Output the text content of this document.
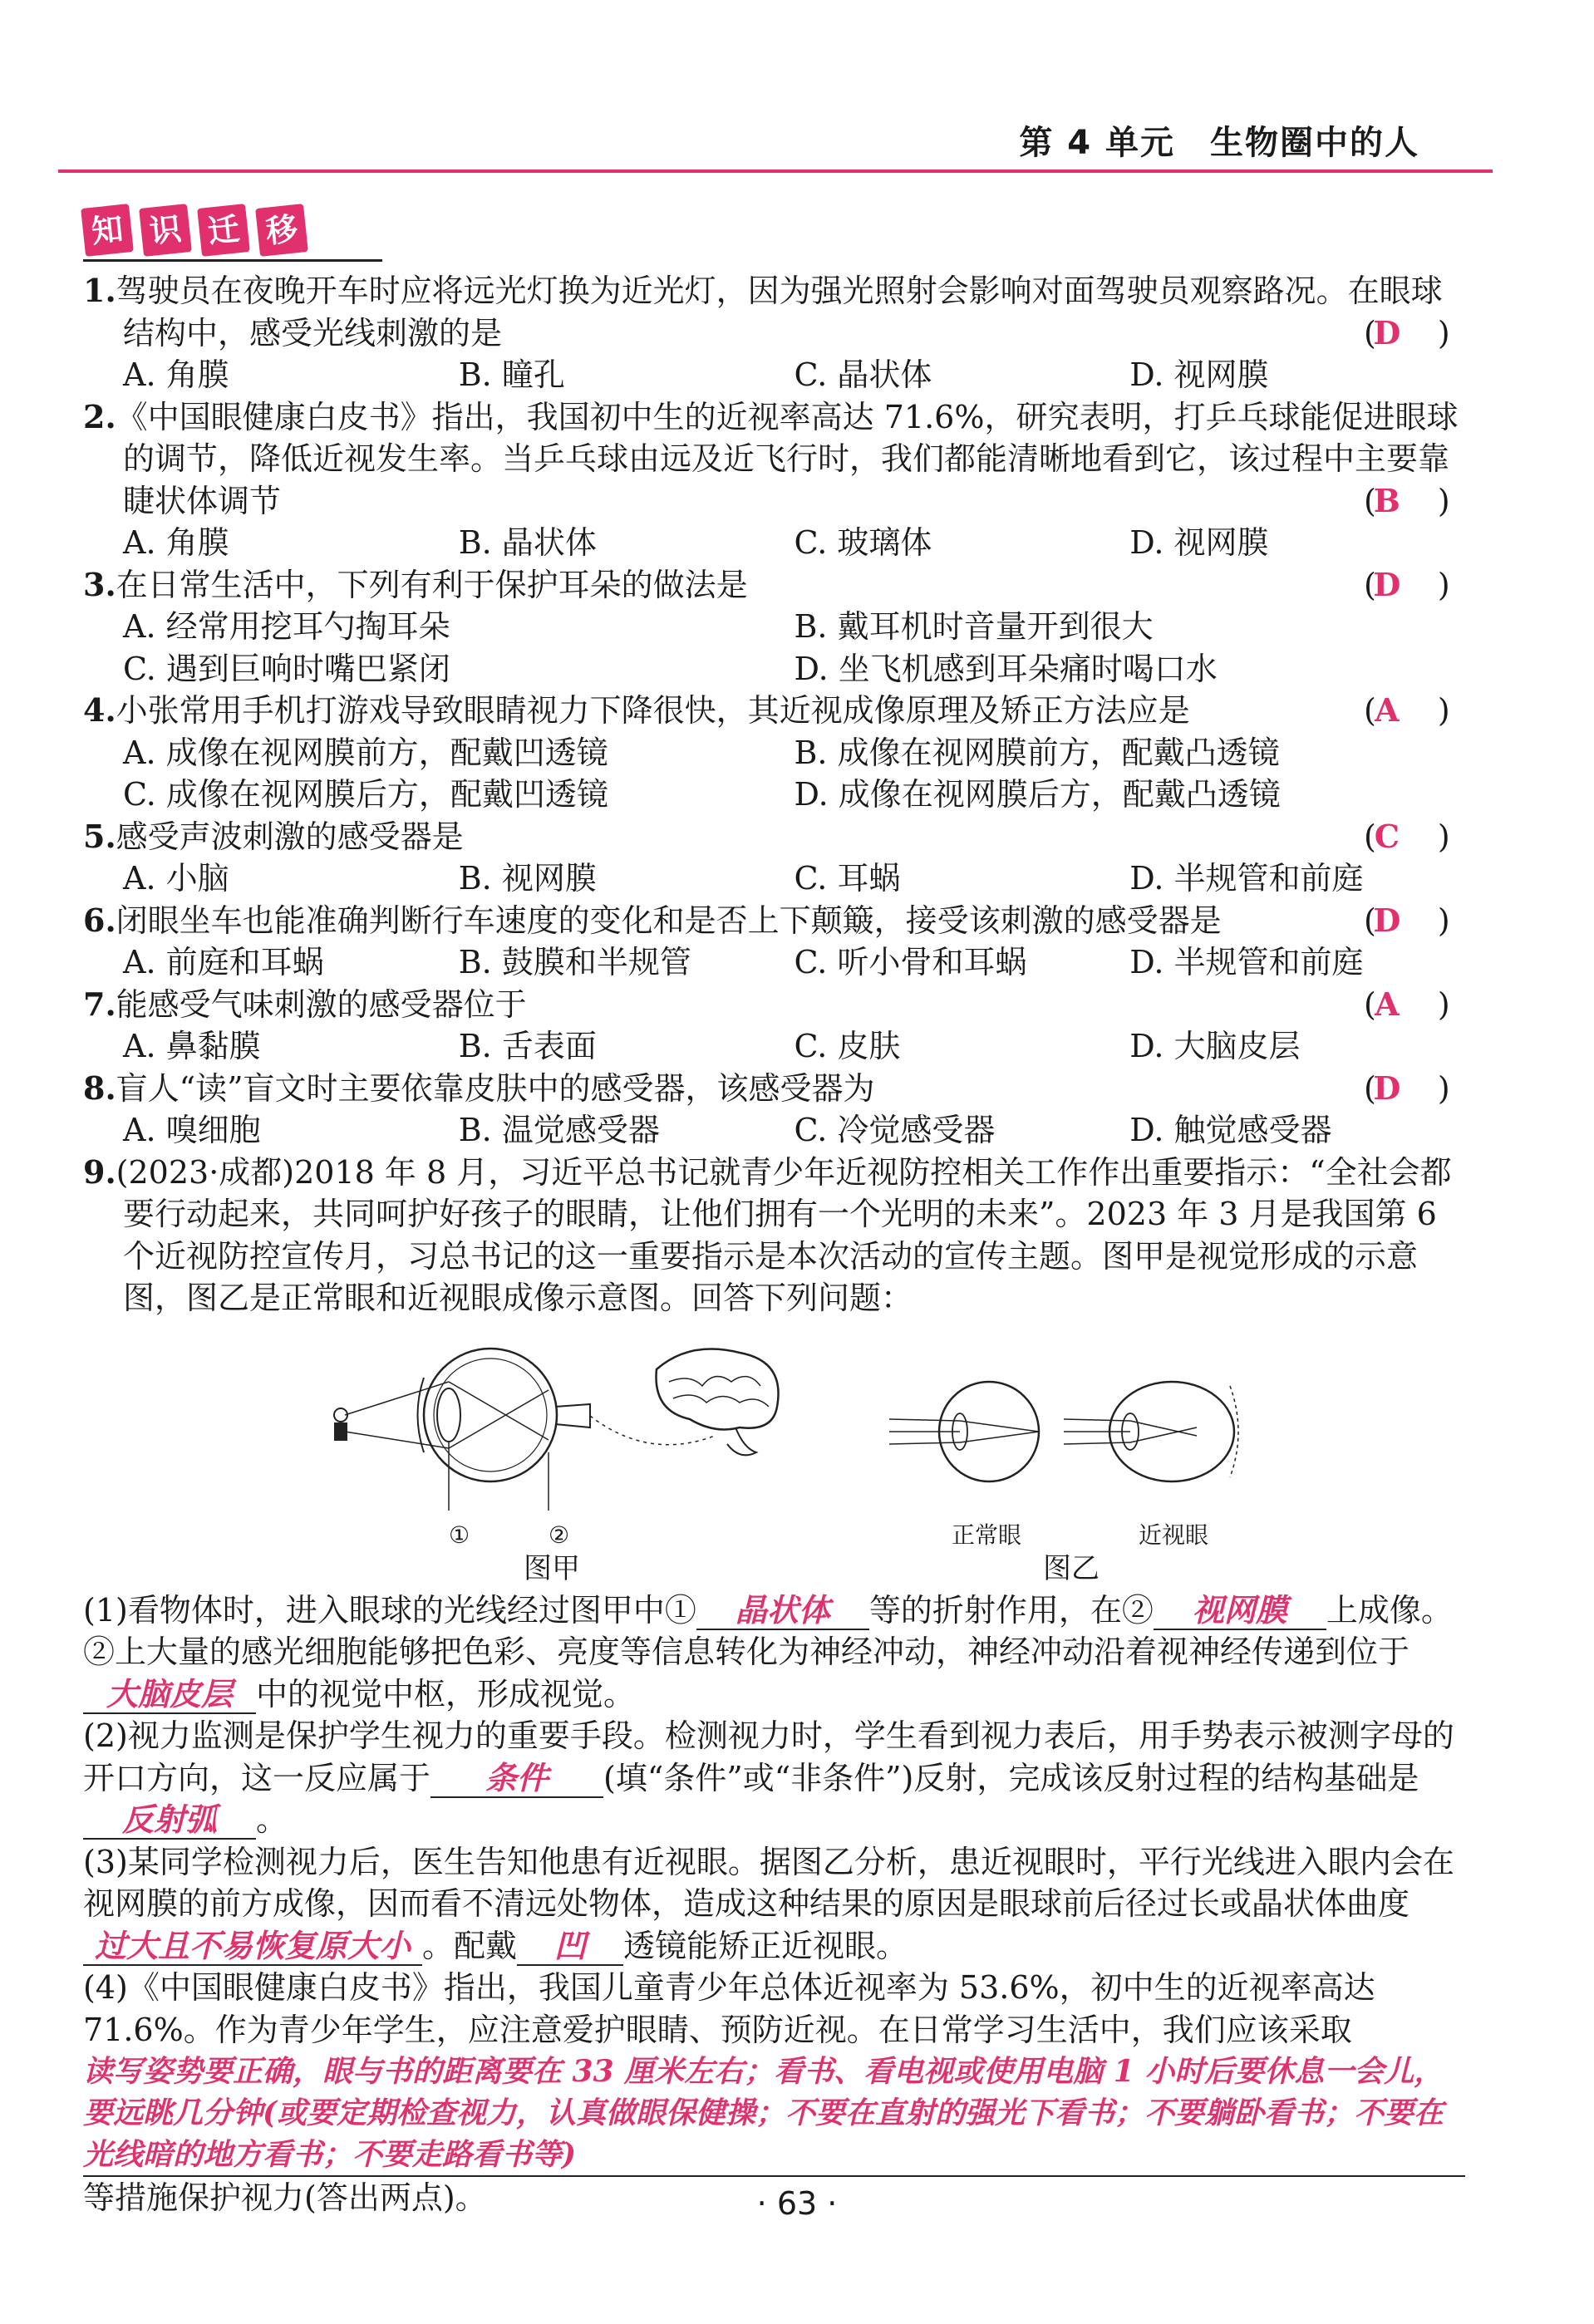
第 4 单元　生物圈中的人
知 识 迁 移
1.驾驶员在夜晚开车时应将远光灯换为近光灯，因为强光照射会影响对面驾驶员观察路况。在眼球结构中，感受光线刺激的是	(D )
A. 角膜	B. 瞳孔	C. 晶状体	D. 视网膜
2.《中国眼健康白皮书》指出，我国初中生的近视率高达 71.6%，研究表明，打乒乓球能促进眼球的调节，降低近视发生率。当乒乓球由远及近飞行时，我们都能清晰地看到它，该过程中主要靠睫状体调节	(B )
A. 角膜	B. 晶状体	C. 玻璃体	D. 视网膜
3.在日常生活中，下列有利于保护耳朵的做法是	(D )
A. 经常用挖耳勺掏耳朵	B. 戴耳机时音量开到很大
C. 遇到巨响时嘴巴紧闭	D. 坐飞机感到耳朵痛时喝口水
4.小张常用手机打游戏导致眼睛视力下降很快，其近视成像原理及矫正方法应是	(A )
A. 成像在视网膜前方，配戴凹透镜	B. 成像在视网膜前方，配戴凸透镜
C. 成像在视网膜后方，配戴凹透镜	D. 成像在视网膜后方，配戴凸透镜
5.感受声波刺激的感受器是	(C )
A. 小脑	B. 视网膜	C. 耳蜗	D. 半规管和前庭
6.闭眼坐车也能准确判断行车速度的变化和是否上下颠簸，接受该刺激的感受器是	(D )
A. 前庭和耳蜗	B. 鼓膜和半规管	C. 听小骨和耳蜗	D. 半规管和前庭
7.能感受气味刺激的感受器位于	(A )
A. 鼻黏膜	B. 舌表面	C. 皮肤	D. 大脑皮层
8.盲人“读”盲文时主要依靠皮肤中的感受器，该感受器为	(D )
A. 嗅细胞	B. 温觉感受器	C. 冷觉感受器	D. 触觉感受器
9.(2023·成都)2018 年 8 月，习近平总书记就青少年近视防控相关工作作出重要指示：“全社会都要行动起来，共同呵护好孩子的眼睛，让他们拥有一个光明的未来”。2023 年 3 月是我国第 6 个近视防控宣传月，习总书记的这一重要指示是本次活动的宣传主题。图甲是视觉形成的示意图，图乙是正常眼和近视眼成像示意图。回答下列问题：
①	②
图甲
正常眼	近视眼
图乙
(1)看物体时，进入眼球的光线经过图甲中① 晶状体 等的折射作用，在② 视网膜 上成像。②上大量的感光细胞能够把色彩、亮度等信息转化为神经冲动，神经冲动沿着视神经传递到位于大脑皮层 中的视觉中枢，形成视觉。
(2)视力监测是保护学生视力的重要手段。检测视力时，学生看到视力表后，用手势表示被测字母的开口方向，这一反应属于 条件 (填“条件”或“非条件”)反射，完成该反射过程的结构基础是反射弧 。
(3)某同学检测视力后，医生告知他患有近视眼。据图乙分析，患近视眼时，平行光线进入眼内会在视网膜的前方成像，因而看不清远处物体，造成这种结果的原因是眼球前后径过长或晶状体曲度过大且不易恢复原大小 。配戴 凹 透镜能矫正近视眼。
(4)《中国眼健康白皮书》指出，我国儿童青少年总体近视率为 53.6%，初中生的近视率高达 71.6%。作为青少年学生，应注意爱护眼睛、预防近视。在日常学习生活中，我们应该采取
读写姿势要正确，眼与书的距离要在 33 厘米左右；看书、看电视或使用电脑 1 小时后要休息一会儿，要远眺几分钟(或要定期检查视力，认真做眼保健操；不要在直射的强光下看书；不要躺卧看书；不要在光线暗的地方看书；不要走路看书等)
等措施保护视力(答出两点)。	· 63 ·
